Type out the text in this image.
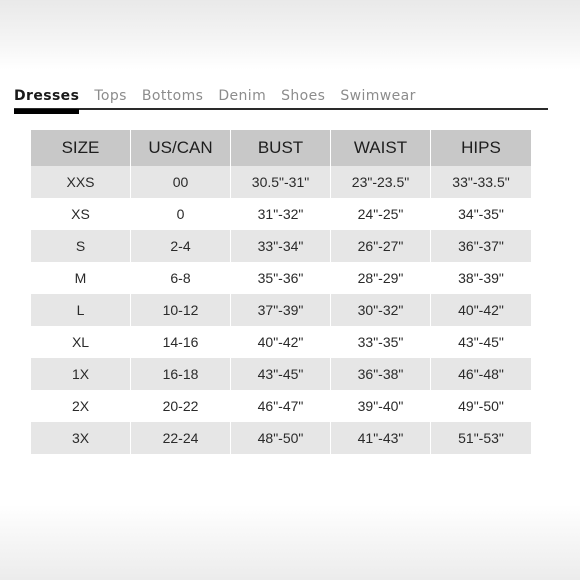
Dresses Tops Bottoms Denim Shoes Swimwear
SIZE	US/CAN	BUST	WAIST	HIPS
XXS	00	30.5"-31"	23"-23.5"	33"-33.5"
XS	0	31"-32"	24"-25"	34"-35"
S	2-4	33"-34"	26"-27"	36"-37"
M	6-8	35"-36"	28"-29"	38"-39"
L	10-12	37"-39"	30"-32"	40"-42"
XL	14-16	40"-42"	33"-35"	43"-45"
1X	16-18	43"-45"	36"-38"	46"-48"
2X	20-22	46"-47"	39"-40"	49"-50"
3X	22-24	48"-50"	41"-43"	51"-53"
